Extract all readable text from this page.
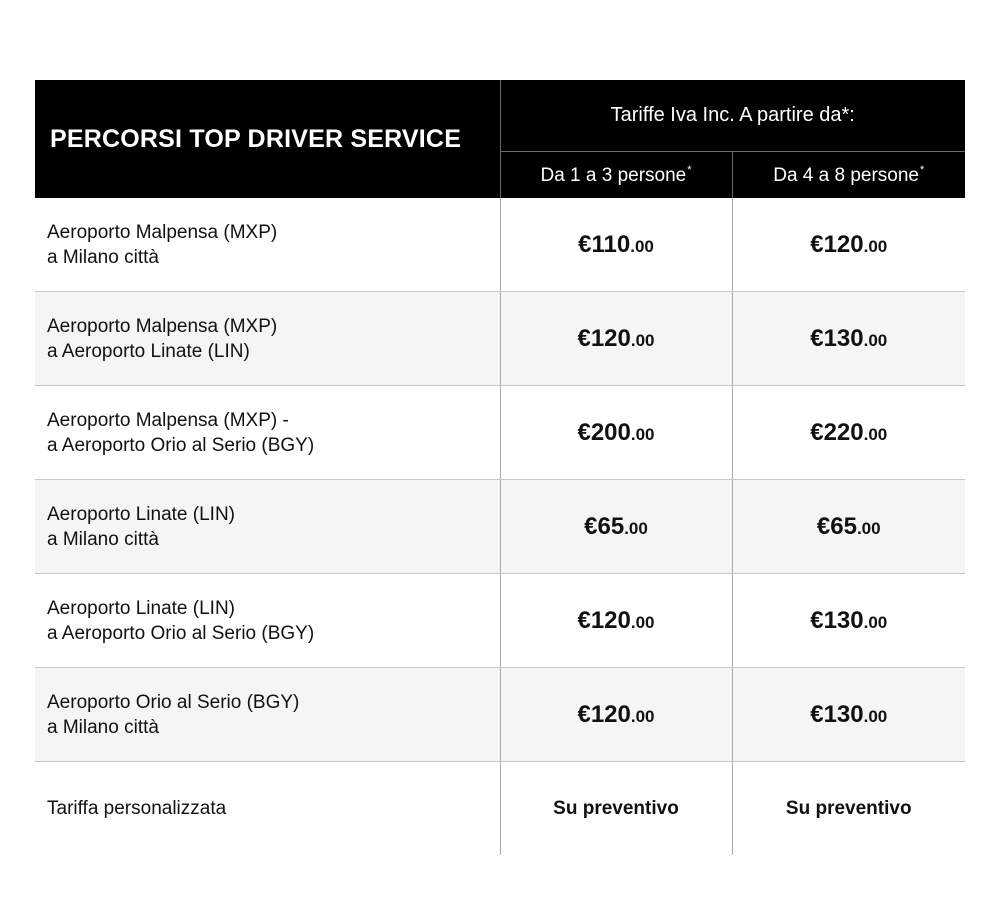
PERCORSI TOP DRIVER SERVICE	Tariffe Iva Inc. A partire da*:	
	Da 1 a 3 persone*	Da 4 a 8 persone*

Aeroporto Malpensa (MXP)
a Milano città	€110.00	€120.00

Aeroporto Malpensa (MXP)
a Aeroporto Linate (LIN)	€120.00	€130.00

Aeroporto Malpensa (MXP) -
a Aeroporto Orio al Serio (BGY)	€200.00	€220.00

Aeroporto Linate (LIN)
a Milano città	€65.00	€65.00

Aeroporto Linate (LIN)
a Aeroporto Orio al Serio (BGY)	€120.00	€130.00

Aeroporto Orio al Serio (BGY)
a Milano città	€120.00	€130.00
Tariffa personalizzata	Su preventivo	Su preventivo
